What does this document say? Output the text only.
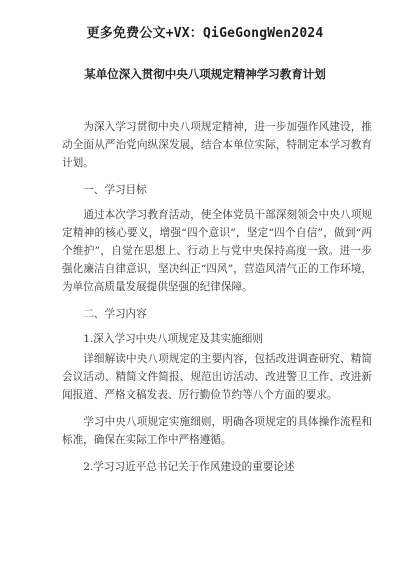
更多免费公文+VX：QiGeGongWen2024
某单位深入贯彻中央八项规定精神学习教育计划

为深入学习贯彻中央八项规定精神，进一步加强作风建设，推动全面从严治党向纵深发展，结合本单位实际，特制定本学习教育计划。

一、学习目标

通过本次学习教育活动，使全体党员干部深刻领会中央八项规定精神的核心要义，增强“四个意识”，坚定“四个自信”，做到“两个维护”，自觉在思想上、行动上与党中央保持高度一致。进一步强化廉洁自律意识，坚决纠正“四风”，营造风清气正的工作环境，为单位高质量发展提供坚强的纪律保障。

二、学习内容

1.深入学习中央八项规定及其实施细则

详细解读中央八项规定的主要内容，包括改进调查研究、精简会议活动、精简文件简报、规范出访活动、改进警卫工作、改进新闻报道、严格文稿发表、厉行勤俭节约等八个方面的要求。

学习中央八项规定实施细则，明确各项规定的具体操作流程和标准，确保在实际工作中严格遵循。

2.学习习近平总书记关于作风建设的重要论述
